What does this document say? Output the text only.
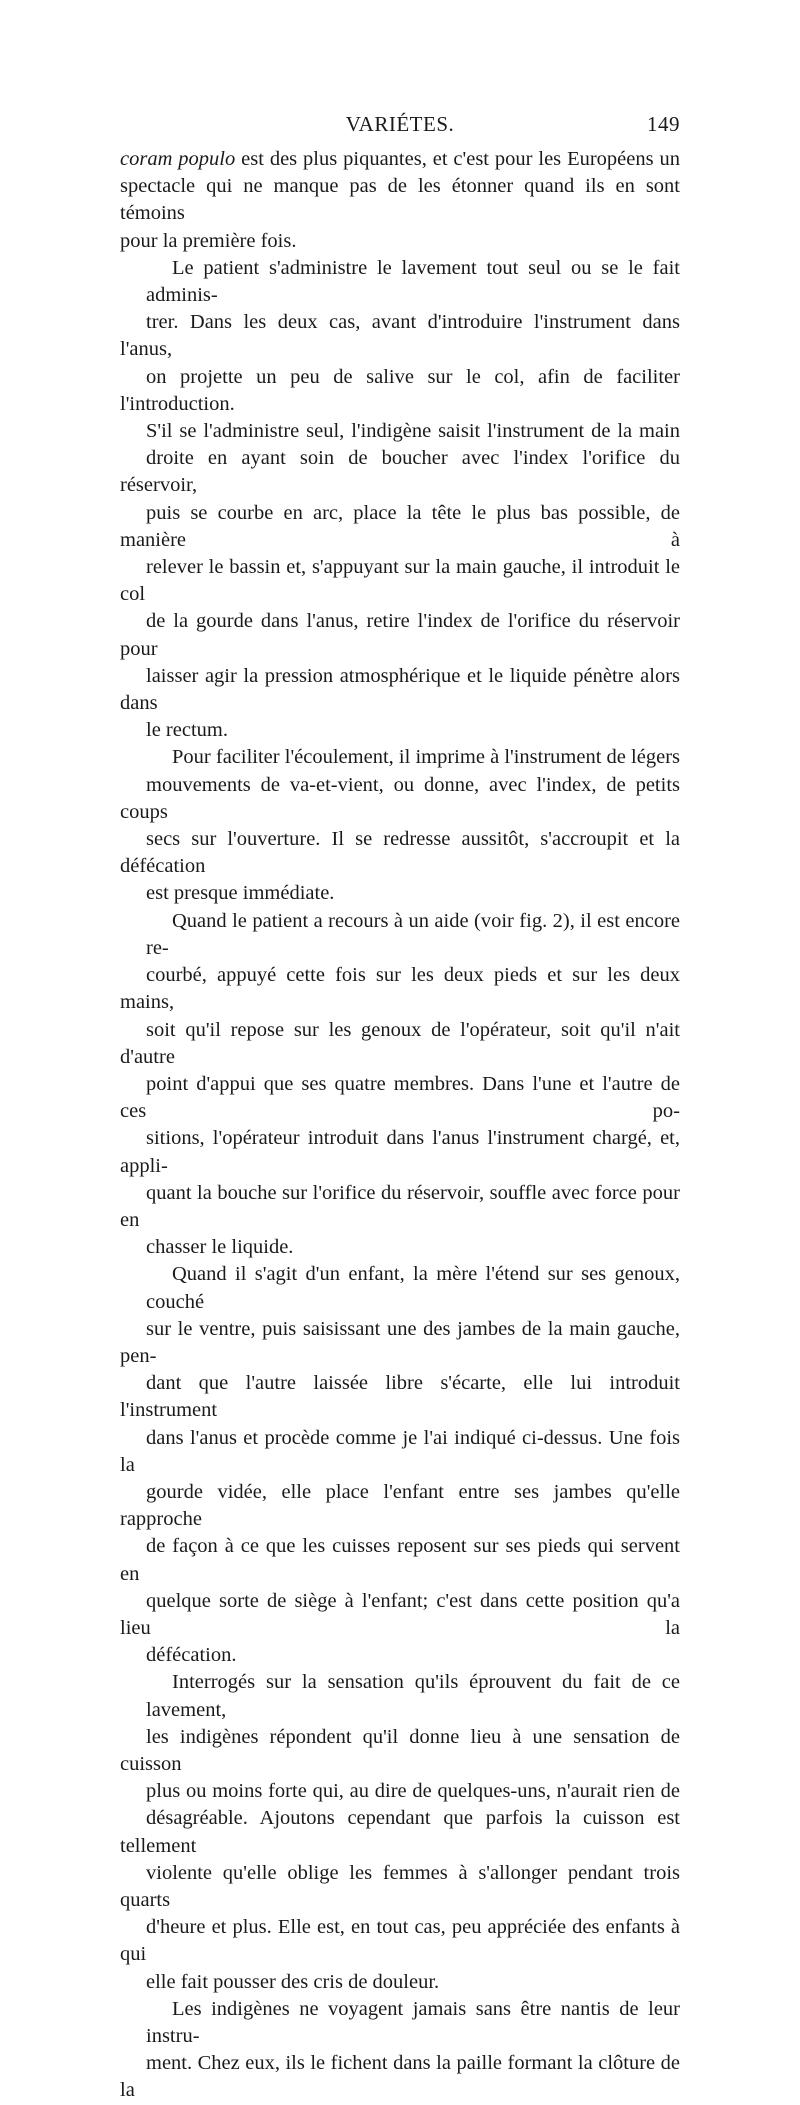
VARIÉTES.	149
coram populo est des plus piquantes, et c'est pour les Européens un
spectacle qui ne manque pas de les étonner quand ils en sont témoins
pour la première fois.
Le patient s'administre le lavement tout seul ou se le fait adminis-
trer. Dans les deux cas, avant d'introduire l'instrument dans l'anus,
on projette un peu de salive sur le col, afin de faciliter l'introduction.
S'il se l'administre seul, l'indigène saisit l'instrument de la main
droite en ayant soin de boucher avec l'index l'orifice du réservoir,
puis se courbe en arc, place la tête le plus bas possible, de manière à
relever le bassin et, s'appuyant sur la main gauche, il introduit le col
de la gourde dans l'anus, retire l'index de l'orifice du réservoir pour
laisser agir la pression atmosphérique et le liquide pénètre alors dans
le rectum.
Pour faciliter l'écoulement, il imprime à l'instrument de légers
mouvements de va-et-vient, ou donne, avec l'index, de petits coups
secs sur l'ouverture. Il se redresse aussitôt, s'accroupit et la défécation
est presque immédiate.
Quand le patient a recours à un aide (voir fig. 2), il est encore re-
courbé, appuyé cette fois sur les deux pieds et sur les deux mains,
soit qu'il repose sur les genoux de l'opérateur, soit qu'il n'ait d'autre
point d'appui que ses quatre membres. Dans l'une et l'autre de ces po-
sitions, l'opérateur introduit dans l'anus l'instrument chargé, et, appli-
quant la bouche sur l'orifice du réservoir, souffle avec force pour en
chasser le liquide.
Quand il s'agit d'un enfant, la mère l'étend sur ses genoux, couché
sur le ventre, puis saisissant une des jambes de la main gauche, pen-
dant que l'autre laissée libre s'écarte, elle lui introduit l'instrument
dans l'anus et procède comme je l'ai indiqué ci-dessus. Une fois la
gourde vidée, elle place l'enfant entre ses jambes qu'elle rapproche
de façon à ce que les cuisses reposent sur ses pieds qui servent en
quelque sorte de siège à l'enfant; c'est dans cette position qu'a lieu la
défécation.
Interrogés sur la sensation qu'ils éprouvent du fait de ce lavement,
les indigènes répondent qu'il donne lieu à une sensation de cuisson
plus ou moins forte qui, au dire de quelques-uns, n'aurait rien de
désagréable. Ajoutons cependant que parfois la cuisson est tellement
violente qu'elle oblige les femmes à s'allonger pendant trois quarts
d'heure et plus. Elle est, en tout cas, peu appréciée des enfants à qui
elle fait pousser des cris de douleur.
Les indigènes ne voyagent jamais sans être nantis de leur instru-
ment. Chez eux, ils le fichent dans la paille formant la clôture de la
